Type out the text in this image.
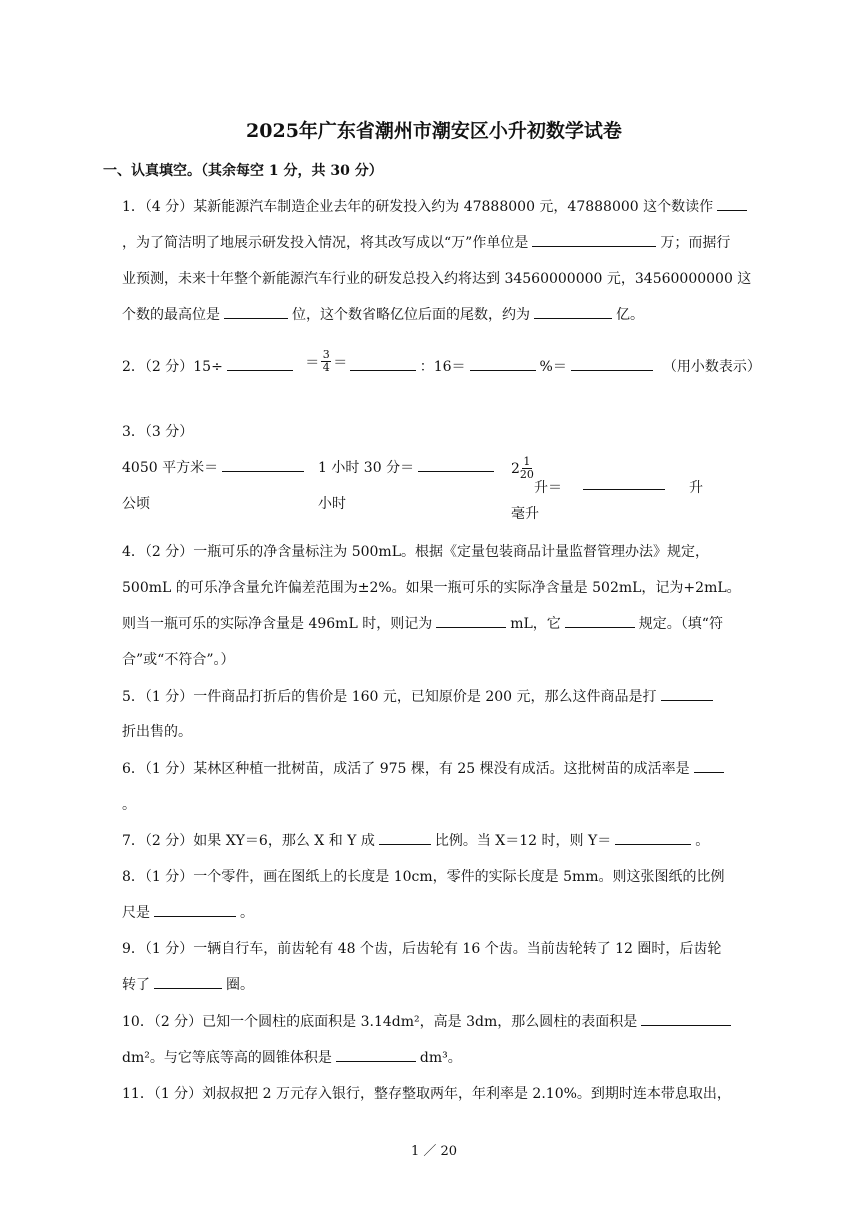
2025年广东省潮州市潮安区小升初数学试卷
一、认真填空。（其余每空 1 分，共 30 分）
1．（4 分）某新能源汽车制造企业去年的研发投入约为 47888000 元，47888000 这个数读作
，为了简洁明了地展示研发投入情况，将其改写成以“万”作单位是	万；而据行
业预测，未来十年整个新能源汽车行业的研发总投入约将达到 34560000000 元，34560000000 这
个数的最高位是	位，这个数省略亿位后面的尾数，约为	亿。
2．（2 分）15÷	＝ $\frac{3}{4}$ ＝	：16＝	%＝	（用小数表示）
3．（3 分）
4050 平方米＝
公顷
1 小时 30 分＝
小时
$2 \frac{1}{20}$
升＝	升
毫升
4．（2 分）一瓶可乐的净含量标注为 500mL。根据《定量包装商品计量监督管理办法》规定，
500mL 的可乐净含量允许偏差范围为±2%。如果一瓶可乐的实际净含量是 502mL，记为+2mL。
则当一瓶可乐的实际净含量是 496mL 时，则记为	mL，它	规定。（填“符
合”或“不符合”。）
5．（1 分）一件商品打折后的售价是 160 元，已知原价是 200 元，那么这件商品是打
折出售的。
6．（1 分）某林区种植一批树苗，成活了 975 棵，有 25 棵没有成活。这批树苗的成活率是
。
7．（2 分）如果 XY＝6，那么 X 和 Y 成	比例。当 X＝12 时，则 Y＝	。
8．（1 分）一个零件，画在图纸上的长度是 10cm，零件的实际长度是 5mm。则这张图纸的比例
尺是	。
9．（1 分）一辆自行车，前齿轮有 48 个齿，后齿轮有 16 个齿。当前齿轮转了 12 圈时，后齿轮
转了	圈。
10．（2 分）已知一个圆柱的底面积是 3.14dm²，高是 3dm，那么圆柱的表面积是
dm²。与它等底等高的圆锥体积是	dm³。
11．（1 分）刘叔叔把 2 万元存入银行，整存整取两年，年利率是 2.10%。到期时连本带息取出，
1 ／ 20
